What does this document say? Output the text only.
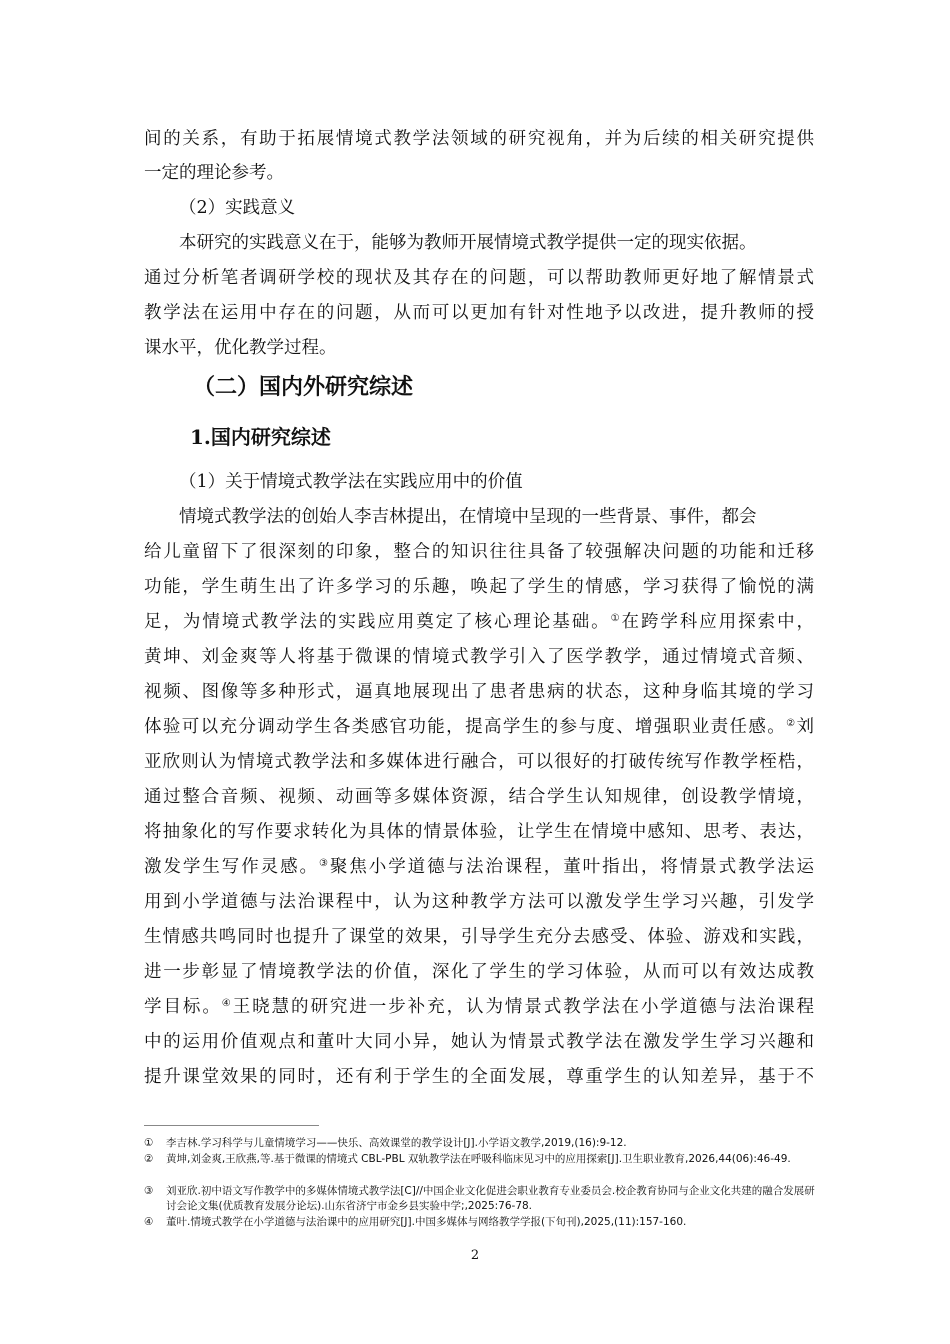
间的关系，有助于拓展情境式教学法领域的研究视角，并为后续的相关研究提供
一定的理论参考。
（2）实践意义
本研究的实践意义在于，能够为教师开展情境式教学提供一定的现实依据。
通过分析笔者调研学校的现状及其存在的问题，可以帮助教师更好地了解情景式
教学法在运用中存在的问题，从而可以更加有针对性地予以改进，提升教师的授
课水平，优化教学过程。
（二）国内外研究综述
1.国内研究综述
（1）关于情境式教学法在实践应用中的价值
情境式教学法的创始人李吉林提出，在情境中呈现的一些背景、事件，都会
给儿童留下了很深刻的印象，整合的知识往往具备了较强解决问题的功能和迁移
功能，学生萌生出了许多学习的乐趣，唤起了学生的情感，学习获得了愉悦的满
足，为情境式教学法的实践应用奠定了核心理论基础。①在跨学科应用探索中，
黄坤、刘金爽等人将基于微课的情境式教学引入了医学教学，通过情境式音频、
视频、图像等多种形式，逼真地展现出了患者患病的状态，这种身临其境的学习
体验可以充分调动学生各类感官功能，提高学生的参与度、增强职业责任感。②刘
亚欣则认为情境式教学法和多媒体进行融合，可以很好的打破传统写作教学桎梏，
通过整合音频、视频、动画等多媒体资源，结合学生认知规律，创设教学情境，
将抽象化的写作要求转化为具体的情景体验，让学生在情境中感知、思考、表达，
激发学生写作灵感。③聚焦小学道德与法治课程，董叶指出，将情景式教学法运
用到小学道德与法治课程中，认为这种教学方法可以激发学生学习兴趣，引发学
生情感共鸣同时也提升了课堂的效果，引导学生充分去感受、体验、游戏和实践，
进一步彰显了情境教学法的价值，深化了学生的学习体验，从而可以有效达成教
学目标。④王晓慧的研究进一步补充，认为情景式教学法在小学道德与法治课程
中的运用价值观点和董叶大同小异，她认为情景式教学法在激发学生学习兴趣和
提升课堂效果的同时，还有利于学生的全面发展，尊重学生的认知差异，基于不
① 李吉林.学习科学与儿童情境学习——快乐、高效课堂的教学设计[J].小学语文教学,2019,(16):9-12.
② 黄坤,刘金爽,王欣燕,等.基于微课的情境式 CBL-PBL 双轨教学法在呼吸科临床见习中的应用探索[J].卫生职业教育,2026,44(06):46-49.
③ 刘亚欣.初中语文写作教学中的多媒体情境式教学法[C]//中国企业文化促进会职业教育专业委员会.校企教育协同与企业文化共建的融合发展研讨会论文集(优质教育发展分论坛).山东省济宁市金乡县实验中学;,2025:76-78.
④ 董叶.情境式教学在小学道德与法治课中的应用研究[J].中国多媒体与网络教学学报(下旬刊),2025,(11):157-160.
2
